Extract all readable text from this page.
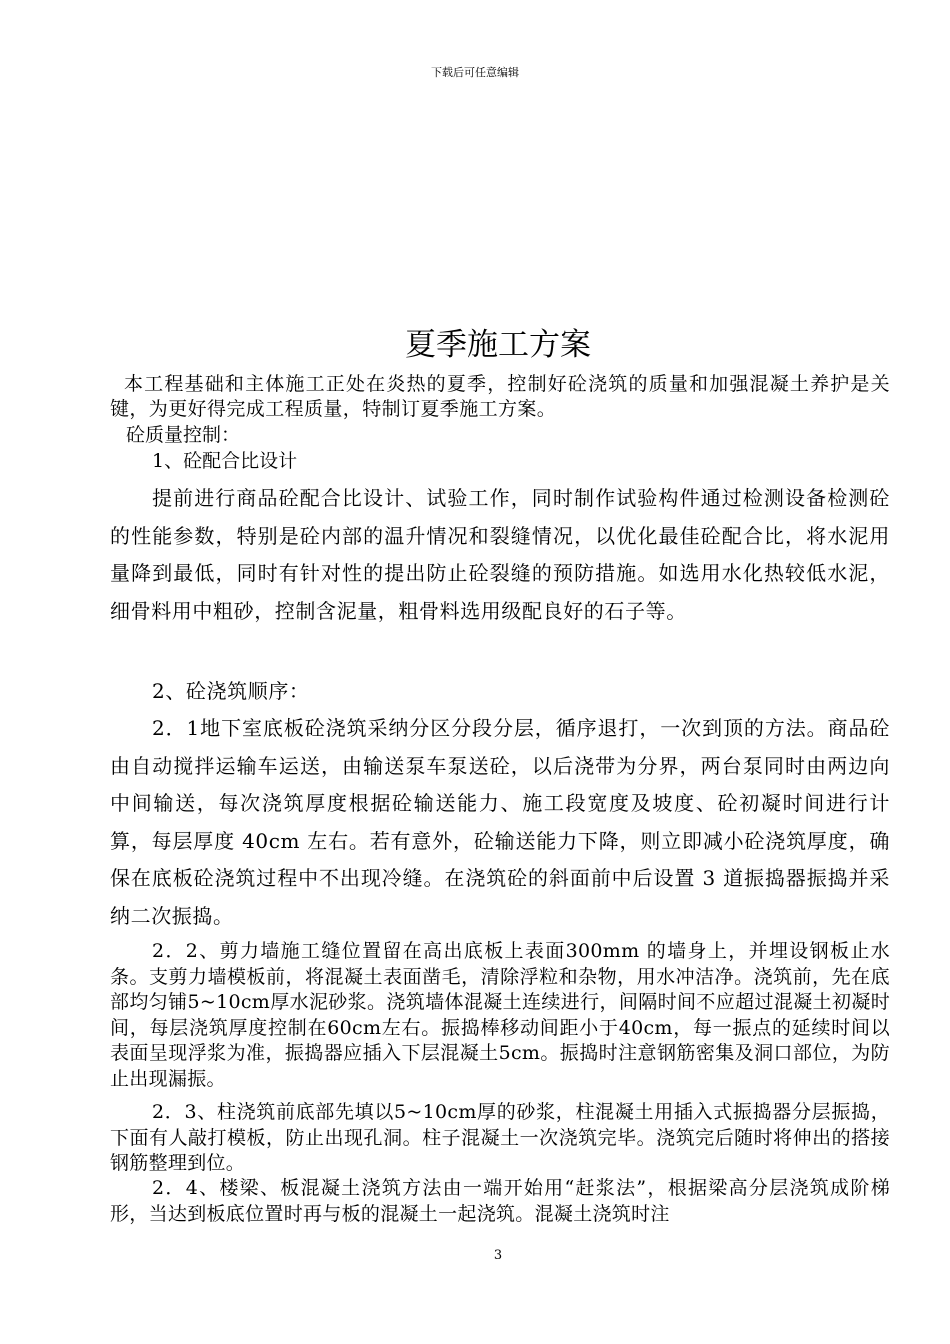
下载后可任意编辑
夏季施工方案

本工程基础和主体施工正处在炎热的夏季，控制好砼浇筑的质量和加强混凝土养护是关键，为更好得完成工程质量，特制订夏季施工方案。

砼质量控制：

1、砼配合比设计

提前进行商品砼配合比设计、试验工作，同时制作试验构件通过检测设备检测砼的性能参数，特别是砼内部的温升情况和裂缝情况，以优化最佳砼配合比，将水泥用量降到最低，同时有针对性的提出防止砼裂缝的预防措施。如选用水化热较低水泥，细骨料用中粗砂，控制含泥量，粗骨料选用级配良好的石子等。

2、砼浇筑顺序：

2．1地下室底板砼浇筑采纳分区分段分层，循序退打，一次到顶的方法。商品砼由自动搅拌运输车运送，由输送泵车泵送砼，以后浇带为分界，两台泵同时由两边向中间输送，每次浇筑厚度根据砼输送能力、施工段宽度及坡度、砼初凝时间进行计算，每层厚度 40cm 左右。若有意外，砼输送能力下降，则立即减小砼浇筑厚度，确保在底板砼浇筑过程中不出现冷缝。在浇筑砼的斜面前中后设置 3 道振捣器振捣并采纳二次振捣。

2．2、剪力墙施工缝位置留在高出底板上表面300mm 的墙身上，并埋设钢板止水条。支剪力墙模板前，将混凝土表面凿毛，清除浮粒和杂物，用水冲洁净。浇筑前，先在底部均匀铺5~10cm厚水泥砂浆。浇筑墙体混凝土连续进行，间隔时间不应超过混凝土初凝时间，每层浇筑厚度控制在60cm左右。振捣棒移动间距小于40cm，每一振点的延续时间以表面呈现浮浆为准，振捣器应插入下层混凝土5cm。振捣时注意钢筋密集及洞口部位，为防止出现漏振。

2．3、柱浇筑前底部先填以5~10cm厚的砂浆，柱混凝土用插入式振捣器分层振捣，下面有人敲打模板，防止出现孔洞。柱子混凝土一次浇筑完毕。浇筑完后随时将伸出的搭接钢筋整理到位。

2．4、楼梁、板混凝土浇筑方法由一端开始用“赶浆法”，根据梁高分层浇筑成阶梯形，当达到板底位置时再与板的混凝土一起浇筑。混凝土浇筑时注

3
